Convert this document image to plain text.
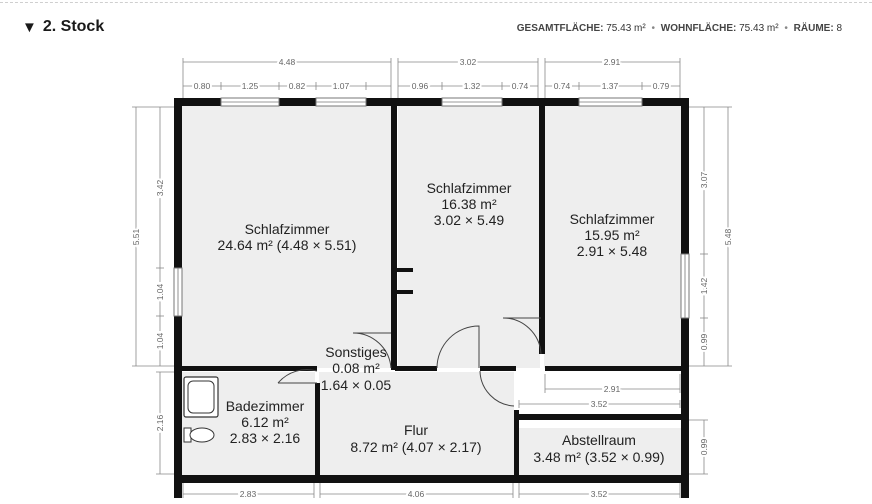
▼ 2. Stock	GESAMTFLÄCHE: 75.43 m² • WOHNFLÄCHE: 75.43 m² • RÄUME: 8
4.48	3.02	2.91
0.80	1.25	0.82	1.07	0.96	1.32	0.74	0.74	1.37	0.79
5.51
3.42
1.04
1.04
2.16
5.48
3.07
1.42
0.99
0.99
2.91
3.52
2.83	4.06	3.52
Schlafzimmer
24.64 m² (4.48 × 5.51)
Schlafzimmer
16.38 m²
3.02 × 5.49	Schlafzimmer
15.95 m²
2.91 × 5.48
Sonstiges
0.08 m²
1.64 × 0.05
Badezimmer
6.12 m²
2.83 × 2.16	Flur
8.72 m² (4.07 × 2.17)	Abstellraum
3.48 m² (3.52 × 0.99)
